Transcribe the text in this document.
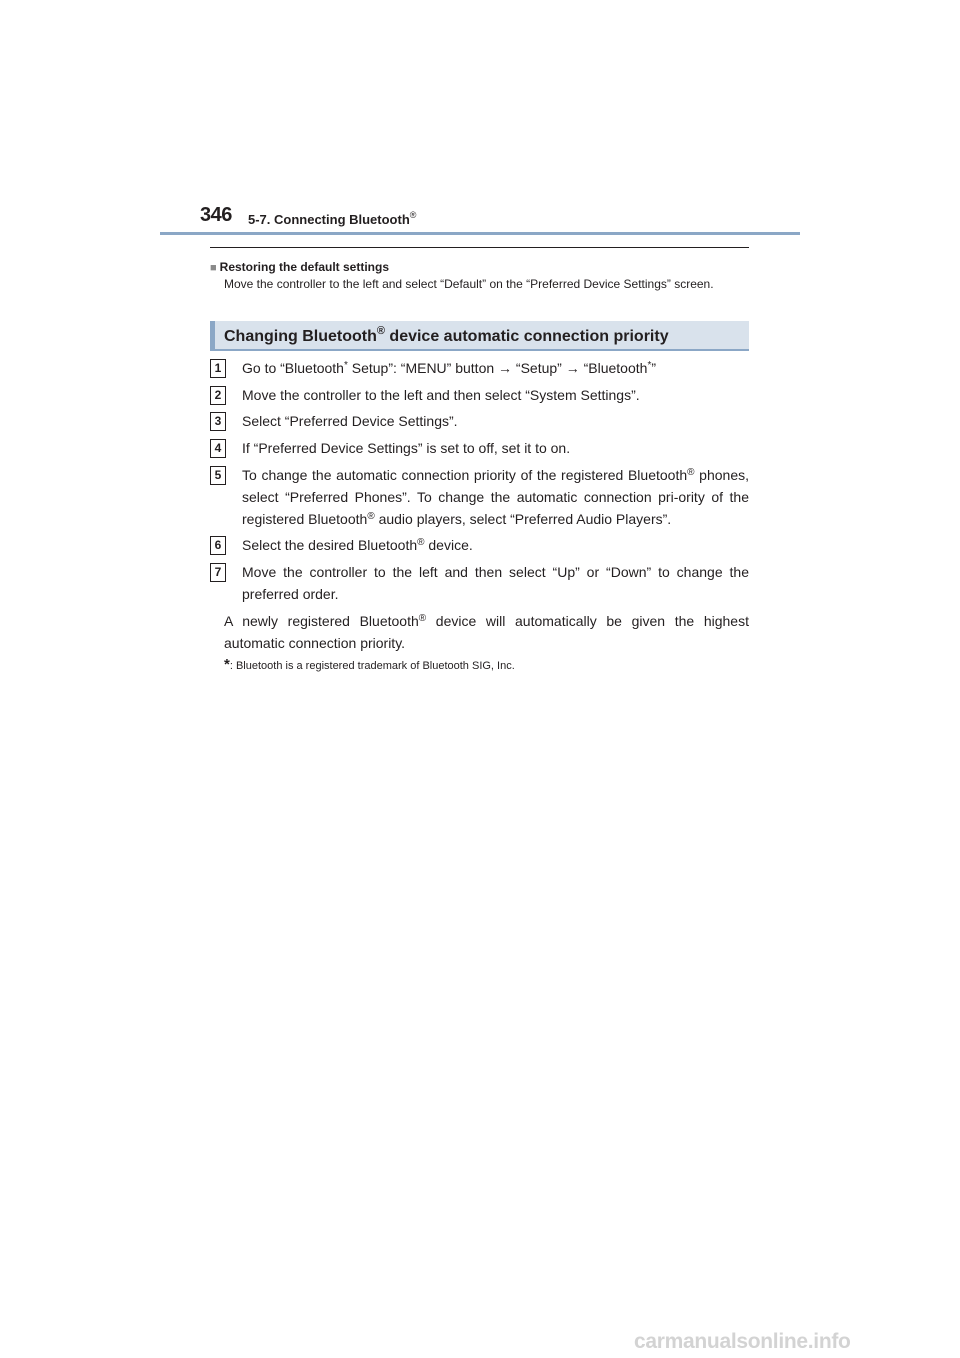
346 5-7. Connecting Bluetooth®
■ Restoring the default settings
Move the controller to the left and select “Default” on the “Preferred Device Settings” screen.
Changing Bluetooth® device automatic connection priority
1	Go to “Bluetooth* Setup”: “MENU” button → “Setup” → “Bluetooth*”
2	Move the controller to the left and then select “System Settings”.
3	Select “Preferred Device Settings”.
4	If “Preferred Device Settings” is set to off, set it to on.
5	To change the automatic connection priority of the registered Bluetooth® phones, select “Preferred Phones”. To change the automatic connection pri-ority of the registered Bluetooth® audio players, select “Preferred Audio Players”.
6	Select the desired Bluetooth® device.
7	Move the controller to the left and then select “Up” or “Down” to change the preferred order.
A newly registered Bluetooth® device will automatically be given the highest automatic connection priority.
*: Bluetooth is a registered trademark of Bluetooth SIG, Inc.
carmanualsonline.info
